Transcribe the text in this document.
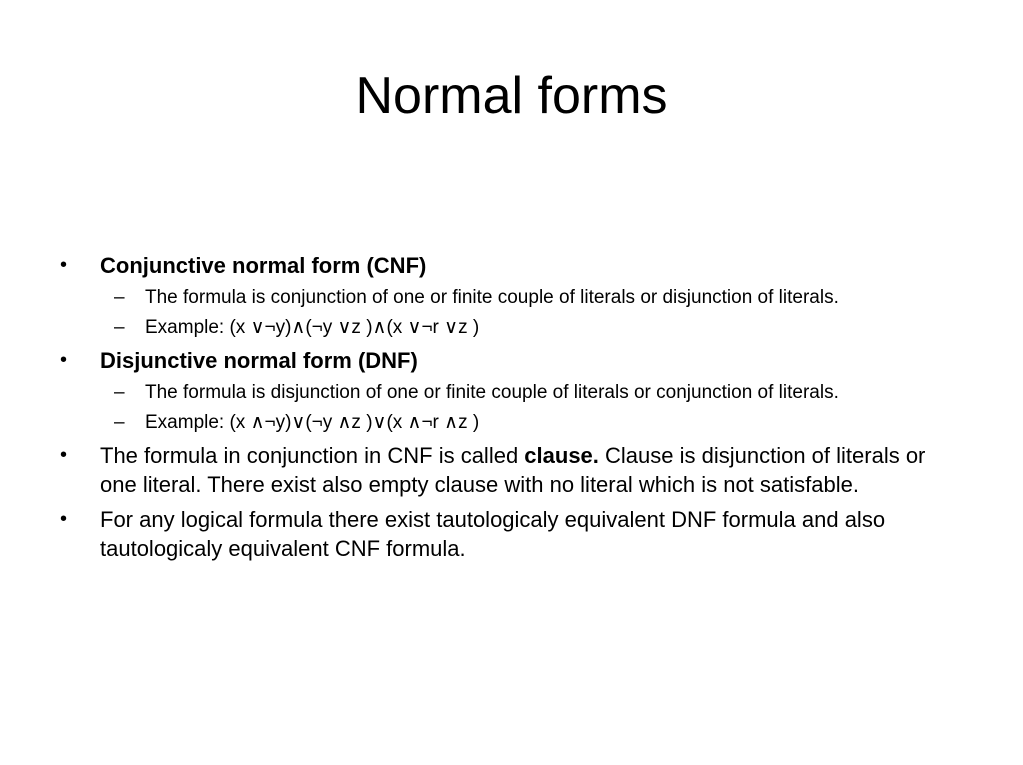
Normal forms
• Conjunctive normal form (CNF)
– The formula is conjunction of one or finite couple of literals or disjunction of literals.
– Example: (x ∨¬y)∧(¬y ∨z )∧(x ∨¬r ∨z )
• Disjunctive normal form (DNF)
– The formula is disjunction of one or finite couple of literals or conjunction of literals.
– Example: (x ∧¬y)∨(¬y ∧z )∨(x ∧¬r ∧z )
• The formula in conjunction in CNF is called clause. Clause is disjunction of literals or one literal. There exist also empty clause with no literal which is not satisfable.
• For any logical formula there exist tautologicaly equivalent DNF formula and also tautologicaly equivalent CNF formula.
